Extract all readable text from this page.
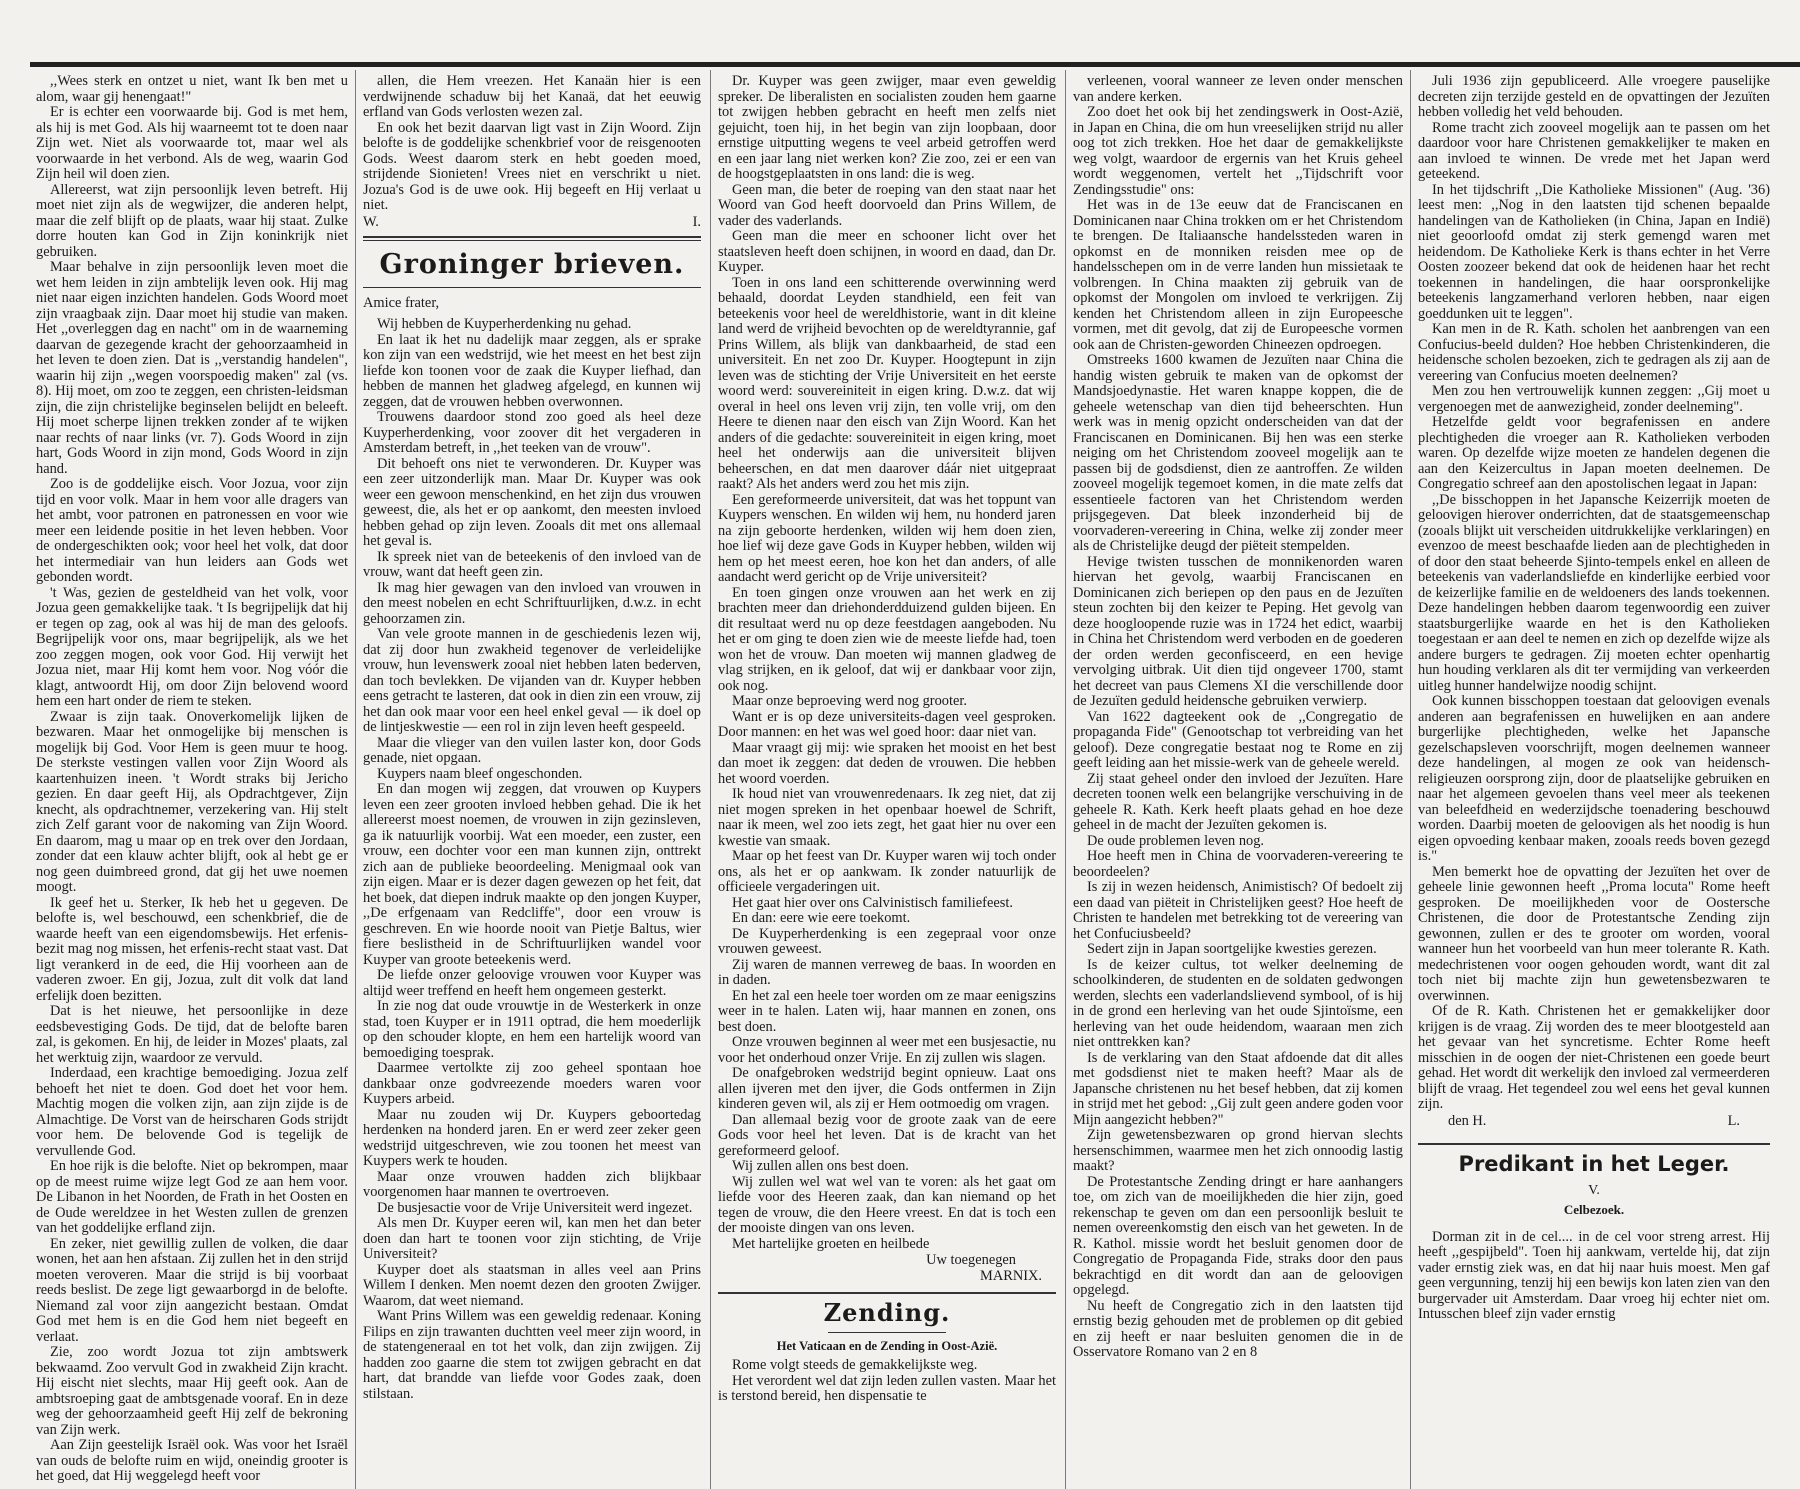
,,Wees sterk en ontzet u niet, want Ik ben met u alom, waar gij henengaat!"

Er is echter een voorwaarde bij. God is met hem, als hij is met God. Als hij waarneemt tot te doen naar Zijn wet. Niet als voorwaarde tot, maar wel als voorwaarde in het verbond. Als de weg, waarin God Zijn heil wil doen zien.

Allereerst, wat zijn persoonlijk leven betreft. Hij moet niet zijn als de wegwijzer, die anderen helpt, maar die zelf blijft op de plaats, waar hij staat. Zulke dorre houten kan God in Zijn koninkrijk niet gebruiken.

Maar behalve in zijn persoonlijk leven moet die wet hem leiden in zijn ambtelijk leven ook. Hij mag niet naar eigen inzichten handelen. Gods Woord moet zijn vraagbaak zijn. Daar moet hij studie van maken. Het ,,overleggen dag en nacht" om in de waarneming daarvan de gezegende kracht der gehoorzaamheid in het leven te doen zien. Dat is ,,verstandig handelen", waarin hij zijn ,,wegen voorspoedig maken" zal (vs. 8). Hij moet, om zoo te zeggen, een christen-leidsman zijn, die zijn christelijke beginselen belijdt en beleeft. Hij moet scherpe lijnen trekken zonder af te wijken naar rechts of naar links (vr. 7). Gods Woord in zijn hart, Gods Woord in zijn mond, Gods Woord in zijn hand.

Zoo is de goddelijke eisch. Voor Jozua, voor zijn tijd en voor volk. Maar in hem voor alle dragers van het ambt, voor patronen en patronessen en voor wie meer een leidende positie in het leven hebben. Voor de ondergeschikten ook; voor heel het volk, dat door het intermediair van hun leiders aan Gods wet gebonden wordt.

't Was, gezien de gesteldheid van het volk, voor Jozua geen gemakkelijke taak. 't Is begrijpelijk dat hij er tegen op zag, ook al was hij de man des geloofs. Begrijpelijk voor ons, maar begrijpelijk, als we het zoo zeggen mogen, ook voor God. Hij verwijt het Jozua niet, maar Hij komt hem voor. Nog vóór die klagt, antwoordt Hij, om door Zijn belovend woord hem een hart onder de riem te steken.

Zwaar is zijn taak. Onoverkomelijk lijken de bezwaren. Maar het onmogelijke bij menschen is mogelijk bij God. Voor Hem is geen muur te hoog. De sterkste vestingen vallen voor Zijn Woord als kaartenhuizen ineen. 't Wordt straks bij Jericho gezien. En daar geeft Hij, als Opdrachtgever, Zijn knecht, als opdrachtnemer, verzekering van. Hij stelt zich Zelf garant voor de nakoming van Zijn Woord. En daarom, mag u maar op en trek over den Jordaan, zonder dat een klauw achter blijft, ook al hebt ge er nog geen duimbreed grond, dat gij het uwe noemen moogt.

Ik geef het u. Sterker, Ik heb het u gegeven. De belofte is, wel beschouwd, een schenkbrief, die de waarde heeft van een eigendomsbewijs. Het erfenis-bezit mag nog missen, het erfenis-recht staat vast. Dat ligt verankerd in de eed, die Hij voorheen aan de vaderen zwoer. En gij, Jozua, zult dit volk dat land erfelijk doen bezitten.

Dat is het nieuwe, het persoonlijke in deze eedsbevestiging Gods. De tijd, dat de belofte baren zal, is gekomen. En hij, de leider in Mozes' plaats, zal het werktuig zijn, waardoor ze vervuld.

Inderdaad, een krachtige bemoediging. Jozua zelf behoeft het niet te doen. God doet het voor hem. Machtig mogen die volken zijn, aan zijn zijde is de Almachtige. De Vorst van de heirscharen Gods strijdt voor hem. De belovende God is tegelijk de vervullende God.

En hoe rijk is die belofte. Niet op bekrompen, maar op de meest ruime wijze legt God ze aan hem voor. De Libanon in het Noorden, de Frath in het Oosten en de Oude wereldzee in het Westen zullen de grenzen van het goddelijke erfland zijn.

En zeker, niet gewillig zullen de volken, die daar wonen, het aan hen afstaan. Zij zullen het in den strijd moeten veroveren. Maar die strijd is bij voorbaat reeds beslist. De zege ligt gewaarborgd in de belofte. Niemand zal voor zijn aangezicht bestaan. Omdat God met hem is en die God hem niet begeeft en verlaat.

Zie, zoo wordt Jozua tot zijn ambtswerk bekwaamd. Zoo vervult God in zwakheid Zijn kracht. Hij eischt niet slechts, maar Hij geeft ook. Aan de ambtsroeping gaat de ambtsgenade vooraf. En in deze weg der gehoorzaamheid geeft Hij zelf de bekroning van Zijn werk.

Aan Zijn geestelijk Israël ook. Was voor het Israël van ouds de belofte ruim en wijd, oneindig grooter is het goed, dat Hij weggelegd heeft voor

allen, die Hem vreezen. Het Kanaän hier is een verdwijnende schaduw bij het Kanaä, dat het eeuwig erfland van Gods verlosten wezen zal.

En ook het bezit daarvan ligt vast in Zijn Woord. Zijn belofte is de goddelijke schenkbrief voor de reisgenooten Gods. Weest daarom sterk en hebt goeden moed, strijdende Sionieten! Vrees niet en verschrikt u niet. Jozua's God is de uwe ook. Hij begeeft en Hij verlaat u niet.

W.	I.
Groninger brieven.

Amice frater,

Wij hebben de Kuyperherdenking nu gehad.

En laat ik het nu dadelijk maar zeggen, als er sprake kon zijn van een wedstrijd, wie het meest en het best zijn liefde kon toonen voor de zaak die Kuyper liefhad, dan hebben de mannen het gladweg afgelegd, en kunnen wij zeggen, dat de vrouwen hebben overwonnen.

Trouwens daardoor stond zoo goed als heel deze Kuyperherdenking, voor zoover dit het vergaderen in Amsterdam betreft, in ,,het teeken van de vrouw".

Dit behoeft ons niet te verwonderen. Dr. Kuyper was een zeer uitzonderlijk man. Maar Dr. Kuyper was ook weer een gewoon menschenkind, en het zijn dus vrouwen geweest, die, als het er op aankomt, den meesten invloed hebben gehad op zijn leven. Zooals dit met ons allemaal het geval is.

Ik spreek niet van de beteekenis of den invloed van de vrouw, want dat heeft geen zin.

Ik mag hier gewagen van den invloed van vrouwen in den meest nobelen en echt Schriftuurlijken, d.w.z. in echt gehoorzamen zin.

Van vele groote mannen in de geschiedenis lezen wij, dat zij door hun zwakheid tegenover de verleidelijke vrouw, hun levenswerk zooal niet hebben laten bederven, dan toch bevlekken. De vijanden van dr. Kuyper hebben eens getracht te lasteren, dat ook in dien zin een vrouw, zij het dan ook maar voor een heel enkel geval — ik doel op de lintjeskwestie — een rol in zijn leven heeft gespeeld.

Maar die vlieger van den vuilen laster kon, door Gods genade, niet opgaan.

Kuypers naam bleef ongeschonden.

En dan mogen wij zeggen, dat vrouwen op Kuypers leven een zeer grooten invloed hebben gehad. Die ik het allereerst moest noemen, de vrouwen in zijn gezinsleven, ga ik natuurlijk voorbij. Wat een moeder, een zuster, een vrouw, een dochter voor een man kunnen zijn, onttrekt zich aan de publieke beoordeeling. Menigmaal ook van zijn eigen. Maar er is dezer dagen gewezen op het feit, dat het boek, dat diepen indruk maakte op den jongen Kuyper, ,,De erfgenaam van Redcliffe", door een vrouw is geschreven. En wie hoorde nooit van Pietje Baltus, wier fiere beslistheid in de Schriftuurlijken wandel voor Kuyper van groote beteekenis werd.

De liefde onzer geloovige vrouwen voor Kuyper was altijd weer treffend en heeft hem ongemeen gesterkt.

In zie nog dat oude vrouwtje in de Westerkerk in onze stad, toen Kuyper er in 1911 optrad, die hem moederlijk op den schouder klopte, en hem een hartelijk woord van bemoediging toesprak.

Daarmee vertolkte zij zoo geheel spontaan hoe dankbaar onze godvreezende moeders waren voor Kuypers arbeid.

Maar nu zouden wij Dr. Kuypers geboortedag herdenken na honderd jaren. En er werd zeer zeker geen wedstrijd uitgeschreven, wie zou toonen het meest van Kuypers werk te houden.

Maar onze vrouwen hadden zich blijkbaar voorgenomen haar mannen te overtroeven.

De busjesactie voor de Vrije Universiteit werd ingezet.

Als men Dr. Kuyper eeren wil, kan men het dan beter doen dan hart te toonen voor zijn stichting, de Vrije Universiteit?

Kuyper doet als staatsman in alles veel aan Prins Willem I denken. Men noemt dezen den grooten Zwijger. Waarom, dat weet niemand.

Want Prins Willem was een geweldig redenaar. Koning Filips en zijn trawanten duchtten veel meer zijn woord, in de statengeneraal en tot het volk, dan zijn zwijgen. Zij hadden zoo gaarne die stem tot zwijgen gebracht en dat hart, dat brandde van liefde voor Godes zaak, doen stilstaan.

Dr. Kuyper was geen zwijger, maar even geweldig spreker. De liberalisten en socialisten zouden hem gaarne tot zwijgen hebben gebracht en heeft men zelfs niet gejuicht, toen hij, in het begin van zijn loopbaan, door ernstige uitputting wegens te veel arbeid getroffen werd en een jaar lang niet werken kon? Zie zoo, zei er een van de hoogstgeplaatsten in ons land: die is weg.

Geen man, die beter de roeping van den staat naar het Woord van God heeft doorvoeld dan Prins Willem, de vader des vaderlands.

Geen man die meer en schooner licht over het staatsleven heeft doen schijnen, in woord en daad, dan Dr. Kuyper.

Toen in ons land een schitterende overwinning werd behaald, doordat Leyden standhield, een feit van beteekenis voor heel de wereldhistorie, want in dit kleine land werd de vrijheid bevochten op de wereldtyrannie, gaf Prins Willem, als blijk van dankbaarheid, de stad een universiteit. En net zoo Dr. Kuyper. Hoogtepunt in zijn leven was de stichting der Vrije Universiteit en het eerste woord werd: souvereiniteit in eigen kring. D.w.z. dat wij overal in heel ons leven vrij zijn, ten volle vrij, om den Heere te dienen naar den eisch van Zijn Woord. Kan het anders of die gedachte: souvereiniteit in eigen kring, moet heel het onderwijs aan die universiteit blijven beheerschen, en dat men daarover dáár niet uitgepraat raakt? Als het anders werd zou het mis zijn.

Een gereformeerde universiteit, dat was het toppunt van Kuypers wenschen. En wilden wij hem, nu honderd jaren na zijn geboorte herdenken, wilden wij hem doen zien, hoe lief wij deze gave Gods in Kuyper hebben, wilden wij hem op het meest eeren, hoe kon het dan anders, of alle aandacht werd gericht op de Vrije universiteit?

En toen gingen onze vrouwen aan het werk en zij brachten meer dan driehonderdduizend gulden bijeen. En dit resultaat werd nu op deze feestdagen aangeboden. Nu het er om ging te doen zien wie de meeste liefde had, toen won het de vrouw. Dan moeten wij mannen gladweg de vlag strijken, en ik geloof, dat wij er dankbaar voor zijn, ook nog.

Maar onze beproeving werd nog grooter.

Want er is op deze universiteits-dagen veel gesproken. Door mannen: en het was wel goed hoor: daar niet van.

Maar vraagt gij mij: wie spraken het mooist en het best dan moet ik zeggen: dat deden de vrouwen. Die hebben het woord voerden.

Ik houd niet van vrouwenredenaars. Ik zeg niet, dat zij niet mogen spreken in het openbaar hoewel de Schrift, naar ik meen, wel zoo iets zegt, het gaat hier nu over een kwestie van smaak.

Maar op het feest van Dr. Kuyper waren wij toch onder ons, als het er op aankwam. Ik zonder natuurlijk de officieele vergaderingen uit.

Het gaat hier over ons Calvinistisch familiefeest.

En dan: eere wie eere toekomt.

De Kuyperherdenking is een zegepraal voor onze vrouwen geweest.

Zij waren de mannen verreweg de baas. In woorden en in daden.

En het zal een heele toer worden om ze maar eenigszins weer in te halen. Laten wij, haar mannen en zonen, ons best doen.

Onze vrouwen beginnen al weer met een busjesactie, nu voor het onderhoud onzer Vrije. En zij zullen wis slagen.

De onafgebroken wedstrijd begint opnieuw. Laat ons allen ijveren met den ijver, die Gods ontfermen in Zijn kinderen geven wil, als zij er Hem ootmoedig om vragen.

Dan allemaal bezig voor de groote zaak van de eere Gods voor heel het leven. Dat is de kracht van het gereformeerd geloof.

Wij zullen allen ons best doen.

Wij zullen wel wat wel van te voren: als het gaat om liefde voor des Heeren zaak, dan kan niemand op het tegen de vrouw, die den Heere vreest. En dat is toch een der mooiste dingen van ons leven.

Met hartelijke groeten en heilbede

Uw toegenegen

MARNIX.

Zending.
Het Vaticaan en de Zending in Oost-Azië.

Rome volgt steeds de gemakkelijkste weg.

Het verordent wel dat zijn leden zullen vasten. Maar het is terstond bereid, hen dispensatie te

verleenen, vooral wanneer ze leven onder menschen van andere kerken.

Zoo doet het ook bij het zendingswerk in Oost-Azië, in Japan en China, die om hun vreeselijken strijd nu aller oog tot zich trekken. Hoe het daar de gemakkelijkste weg volgt, waardoor de ergernis van het Kruis geheel wordt weggenomen, vertelt het ,,Tijdschrift voor Zendingsstudie" ons:

Het was in de 13e eeuw dat de Franciscanen en Dominicanen naar China trokken om er het Christendom te brengen. De Italiaansche handelssteden waren in opkomst en de monniken reisden mee op de handelsschepen om in de verre landen hun missietaak te volbrengen. In China maakten zij gebruik van de opkomst der Mongolen om invloed te verkrijgen. Zij kenden het Christendom alleen in zijn Europeesche vormen, met dit gevolg, dat zij de Europeesche vormen ook aan de Christen-geworden Chineezen opdroegen.

Omstreeks 1600 kwamen de Jezuïten naar China die handig wisten gebruik te maken van de opkomst der Mandsjoedynastie. Het waren knappe koppen, die de geheele wetenschap van dien tijd beheerschten. Hun werk was in menig opzicht onderscheiden van dat der Franciscanen en Dominicanen. Bij hen was een sterke neiging om het Christendom zooveel mogelijk aan te passen bij de godsdienst, dien ze aantroffen. Ze wilden zooveel mogelijk tegemoet komen, in die mate zelfs dat essentieele factoren van het Christendom werden prijsgegeven. Dat bleek inzonderheid bij de voorvaderen-vereering in China, welke zij zonder meer als de Christelijke deugd der piëteit stempelden.

Hevige twisten tusschen de monnikenorden waren hiervan het gevolg, waarbij Franciscanen en Dominicanen zich beriepen op den paus en de Jezuïten steun zochten bij den keizer te Peping. Het gevolg van deze hoogloopende ruzie was in 1724 het edict, waarbij in China het Christendom werd verboden en de goederen der orden werden geconfisceerd, en een hevige vervolging uitbrak. Uit dien tijd ongeveer 1700, stamt het decreet van paus Clemens XI die verschillende door de Jezuïten geduld heidensche gebruiken verwierp.

Van 1622 dagteekent ook de ,,Congregatio de propaganda Fide" (Genootschap tot verbreiding van het geloof). Deze congregatie bestaat nog te Rome en zij geeft leiding aan het missie-werk van de geheele wereld.

Zij staat geheel onder den invloed der Jezuïten. Hare decreten toonen welk een belangrijke verschuiving in de geheele R. Kath. Kerk heeft plaats gehad en hoe deze geheel in de macht der Jezuïten gekomen is.

De oude problemen leven nog.

Hoe heeft men in China de voorvaderen-vereering te beoordeelen?

Is zij in wezen heidensch, Animistisch? Of bedoelt zij een daad van piëteit in Christelijken geest? Hoe heeft de Christen te handelen met betrekking tot de vereering van het Confuciusbeeld?

Sedert zijn in Japan soortgelijke kwesties gerezen.

Is de keizer cultus, tot welker deelneming de schoolkinderen, de studenten en de soldaten gedwongen werden, slechts een vaderlandslievend symbool, of is hij in de grond een herleving van het oude Sjintoïsme, een herleving van het oude heidendom, waaraan men zich niet onttrekken kan?

Is de verklaring van den Staat afdoende dat dit alles met godsdienst niet te maken heeft? Maar als de Japansche christenen nu het besef hebben, dat zij komen in strijd met het gebod: ,,Gij zult geen andere goden voor Mijn aangezicht hebben?"

Zijn gewetensbezwaren op grond hiervan slechts hersenschimmen, waarmee men het zich onnoodig lastig maakt?

De Protestantsche Zending dringt er hare aanhangers toe, om zich van de moeilijkheden die hier zijn, goed rekenschap te geven om dan een persoonlijk besluit te nemen overeenkomstig den eisch van het geweten. In de R. Kathol. missie wordt het besluit genomen door de Congregatio de Propaganda Fide, straks door den paus bekrachtigd en dit wordt dan aan de geloovigen opgelegd.

Nu heeft de Congregatio zich in den laatsten tijd ernstig bezig gehouden met de problemen op dit gebied en zij heeft er naar besluiten genomen die in de Osservatore Romano van 2 en 8

Juli 1936 zijn gepubliceerd. Alle vroegere pauselijke decreten zijn terzijde gesteld en de opvattingen der Jezuïten hebben volledig het veld behouden.

Rome tracht zich zooveel mogelijk aan te passen om het daardoor voor hare Christenen gemakkelijker te maken en aan invloed te winnen. De vrede met het Japan werd geteekend.

In het tijdschrift ,,Die Katholieke Missionen" (Aug. '36) leest men: ,,Nog in den laatsten tijd schenen bepaalde handelingen van de Katholieken (in China, Japan en Indië) niet geoorloofd omdat zij sterk gemengd waren met heidendom. De Katholieke Kerk is thans echter in het Verre Oosten zoozeer bekend dat ook de heidenen haar het recht toekennen in handelingen, die haar oorspronkelijke beteekenis langzamerhand verloren hebben, naar eigen goeddunken uit te leggen".

Kan men in de R. Kath. scholen het aanbrengen van een Confucius-beeld dulden? Hoe hebben Christenkinderen, die heidensche scholen bezoeken, zich te gedragen als zij aan de vereering van Confucius moeten deelnemen?

Men zou hen vertrouwelijk kunnen zeggen: ,,Gij moet u vergenoegen met de aanwezigheid, zonder deelneming".

Hetzelfde geldt voor begrafenissen en andere plechtigheden die vroeger aan R. Katholieken verboden waren. Op dezelfde wijze moeten ze handelen degenen die aan den Keizercultus in Japan moeten deelnemen. De Congregatio schreef aan den apostolischen legaat in Japan:

,,De bisschoppen in het Japansche Keizerrijk moeten de geloovigen hierover onderrichten, dat de staatsgemeenschap (zooals blijkt uit verscheiden uitdrukkelijke verklaringen) en evenzoo de meest beschaafde lieden aan de plechtigheden in of door den staat beheerde Sjinto-tempels enkel en alleen de beteekenis van vaderlandsliefde en kinderlijke eerbied voor de keizerlijke familie en de weldoeners des lands toekennen. Deze handelingen hebben daarom tegenwoordig een zuiver staatsburgerlijke waarde en het is den Katholieken toegestaan er aan deel te nemen en zich op dezelfde wijze als andere burgers te gedragen. Zij moeten echter openhartig hun houding verklaren als dit ter vermijding van verkeerden uitleg hunner handelwijze noodig schijnt.

Ook kunnen bisschoppen toestaan dat geloovigen evenals anderen aan begrafenissen en huwelijken en aan andere burgerlijke plechtigheden, welke het Japansche gezelschapsleven voorschrijft, mogen deelnemen wanneer deze handelingen, al mogen ze ook van heidensch-religieuzen oorsprong zijn, door de plaatselijke gebruiken en naar het algemeen gevoelen thans veel meer als teekenen van beleefdheid en wederzijdsche toenadering beschouwd worden. Daarbij moeten de geloovigen als het noodig is hun eigen opvoeding kenbaar maken, zooals reeds boven gezegd is."

Men bemerkt hoe de opvatting der Jezuïten het over de geheele linie gewonnen heeft ,,Proma locuta" Rome heeft gesproken. De moeilijkheden voor de Oostersche Christenen, die door de Protestantsche Zending zijn gewonnen, zullen er des te grooter om worden, vooral wanneer hun het voorbeeld van hun meer tolerante R. Kath. medechristenen voor oogen gehouden wordt, want dit zal toch niet bij machte zijn hun gewetensbezwaren te overwinnen.

Of de R. Kath. Christenen het er gemakkelijker door krijgen is de vraag. Zij worden des te meer blootgesteld aan het gevaar van het syncretisme. Echter Rome heeft misschien in de oogen der niet-Christenen een goede beurt gehad. Het wordt dit werkelijk den invloed zal vermeerderen blijft de vraag. Het tegendeel zou wel eens het geval kunnen zijn.

den H.	L.
Predikant in het Leger.
V.
Celbezoek.

Dorman zit in de cel.... in de cel voor streng arrest. Hij heeft ,,gespijbeld". Toen hij aankwam, vertelde hij, dat zijn vader ernstig ziek was, en dat hij naar huis moest. Men gaf geen vergunning, tenzij hij een bewijs kon laten zien van den burgervader uit Amsterdam. Daar vroeg hij echter niet om. Intusschen bleef zijn vader ernstig
